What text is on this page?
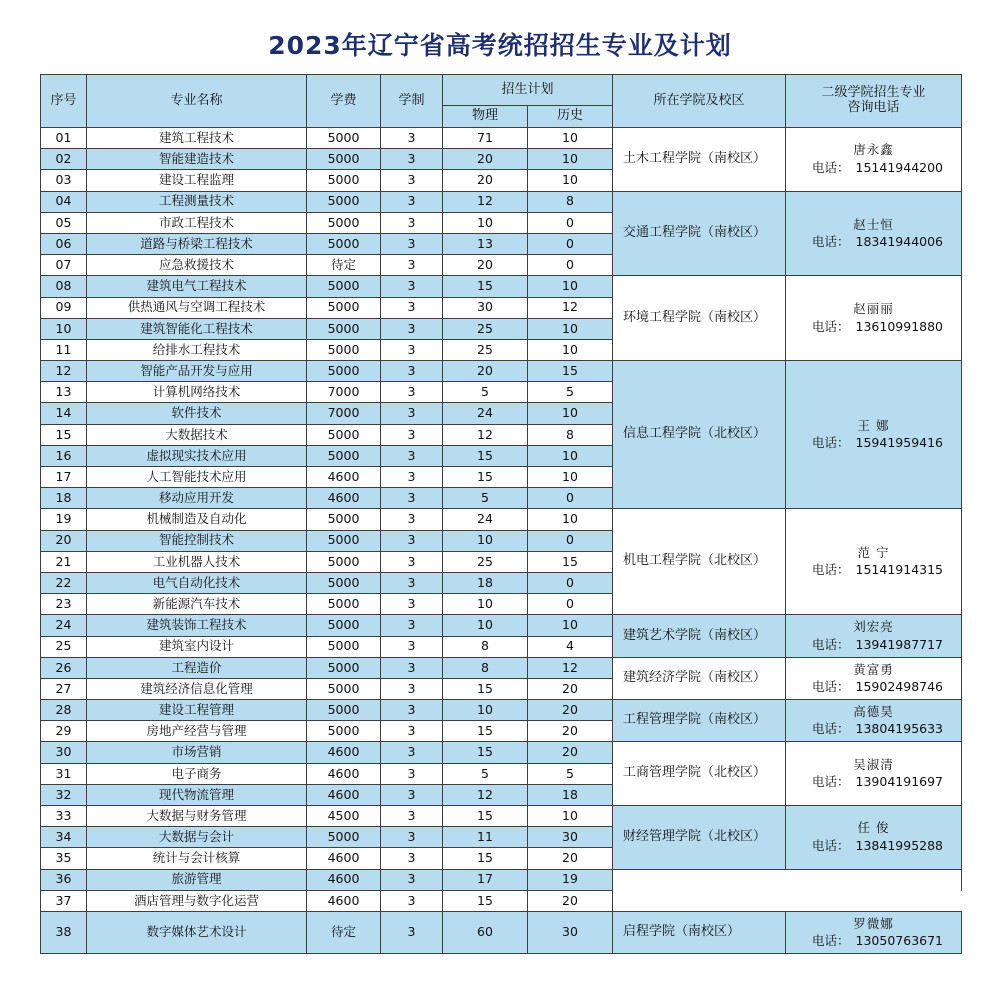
2023年辽宁省高考统招招生专业及计划
序号	专业名称	学费	学制	招生计划		所在学院及校区	二级学院招生专业
咨询电话	
				物理	历史			
01	建筑工程技术	5000	3	71	10	土木工程学院（南校区）	唐永鑫
电话： 15141944200	

02	智能建造技术	5000	3	20	10			
03	建设工程监理	5000	3	20	10			
04	工程测量技术	5000	3	12	8	交通工程学院（南校区）	赵士恒
电话： 18341944006	

05	市政工程技术	5000	3	10	0			
06	道路与桥梁工程技术	5000	3	13	0			
07	应急救援技术	待定	3	20	0			
08	建筑电气工程技术	5000	3	15	10	环境工程学院（南校区）	赵丽丽
电话： 13610991880	

09	供热通风与空调工程技术	5000	3	30	12			
10	建筑智能化工程技术	5000	3	25	10			
11	给排水工程技术	5000	3	25	10			
12	智能产品开发与应用	5000	3	20	15	信息工程学院（北校区）	王 娜
电话： 15941959416	

13	计算机网络技术	7000	3	5	5			
14	软件技术	7000	3	24	10			
15	大数据技术	5000	3	12	8			
16	虚拟现实技术应用	5000	3	15	10			
17	人工智能技术应用	4600	3	15	10			
18	移动应用开发	4600	3	5	0			
19	机械制造及自动化	5000	3	24	10	机电工程学院（北校区）	范 宁
电话： 15141914315	

20	智能控制技术	5000	3	10	0			
21	工业机器人技术	5000	3	25	15			
22	电气自动化技术	5000	3	18	0			
23	新能源汽车技术	5000	3	10	0			
24	建筑装饰工程技术	5000	3	10	10	建筑艺术学院（南校区）	刘宏亮
电话： 13941987717	

25	建筑室内设计	5000	3	8	4			
26	工程造价	5000	3	8	12	建筑经济学院（南校区）	黄富勇
电话： 15902498746	

27	建筑经济信息化管理	5000	3	15	20			
28	建设工程管理	5000	3	10	20	工程管理学院（南校区）	高德昊
电话： 13804195633	

29	房地产经营与管理	5000	3	15	20			
30	市场营销	4600	3	15	20	工商管理学院（北校区）	吴淑清
电话： 13904191697	

31	电子商务	4600	3	5	5			
32	现代物流管理	4600	3	12	18			
33	大数据与财务管理	4500	3	15	10	财经管理学院（北校区）	任 俊
电话： 13841995288	

34	大数据与会计	5000	3	11	30			
35	统计与会计核算	4600	3	15	20		

36	旅游管理	4600	3	17	19			
37	酒店管理与数字化运营	4600	3	15	20			
38	数字媒体艺术设计	待定	3	60	30	启程学院（南校区）	罗微娜
电话： 13050763671	
